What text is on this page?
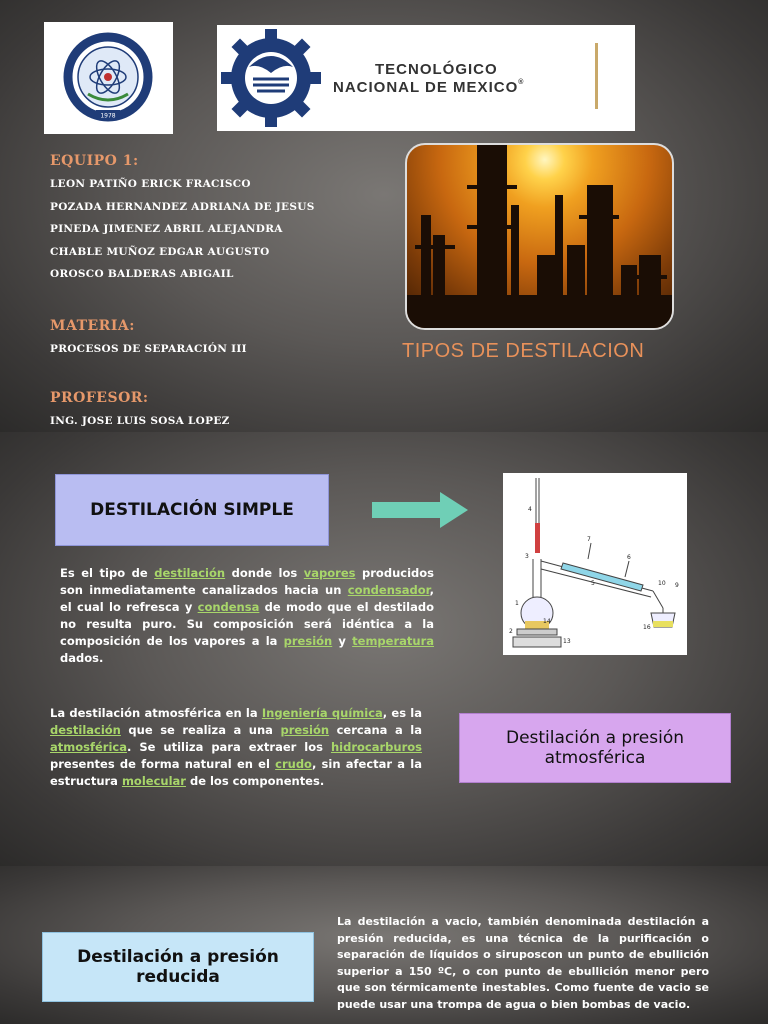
1978
TECNOLÓGICO
NACIONAL DE MEXICO®
EQUIPO 1:
LEON PATIÑO ERICK FRACISCO
POZADA HERNANDEZ ADRIANA DE JESUS
PINEDA JIMENEZ ABRIL ALEJANDRA
CHABLE MUÑOZ EDGAR AUGUSTO
OROSCO BALDERAS ABIGAIL
MATERIA:
PROCESOS DE SEPARACIÓN III
PROFESOR:
ING. JOSE LUIS SOSA LOPEZ
TIPOS DE DESTILACION
DESTILACIÓN SIMPLE	4
3
7
6
5	10 9
1
14
2
13
16
Es el tipo de destilación donde los vapores producidos son inmediatamente canalizados hacia un condensador, el cual lo refresca y condensa de modo que el destilado no resulta puro. Su composición será idéntica a la composición de los vapores a la presión y temperatura dados.
La destilación atmosférica en la Ingeniería química, es la destilación que se realiza a una presión cercana a la atmosférica. Se utiliza para extraer los hidrocarburos presentes de forma natural en el crudo, sin afectar a la estructura molecular de los componentes.
Destilación a presión atmosférica
Destilación a presión reducida
La destilación a vacio, también denominada destilación a presión reducida, es una técnica de la purificación o separación de líquidos o siruposcon un punto de ebullición superior a 150 ºC, o con punto de ebullición menor pero que son térmicamente inestables. Como fuente de vacio se puede usar una trompa de agua o bien bombas de vacio.
